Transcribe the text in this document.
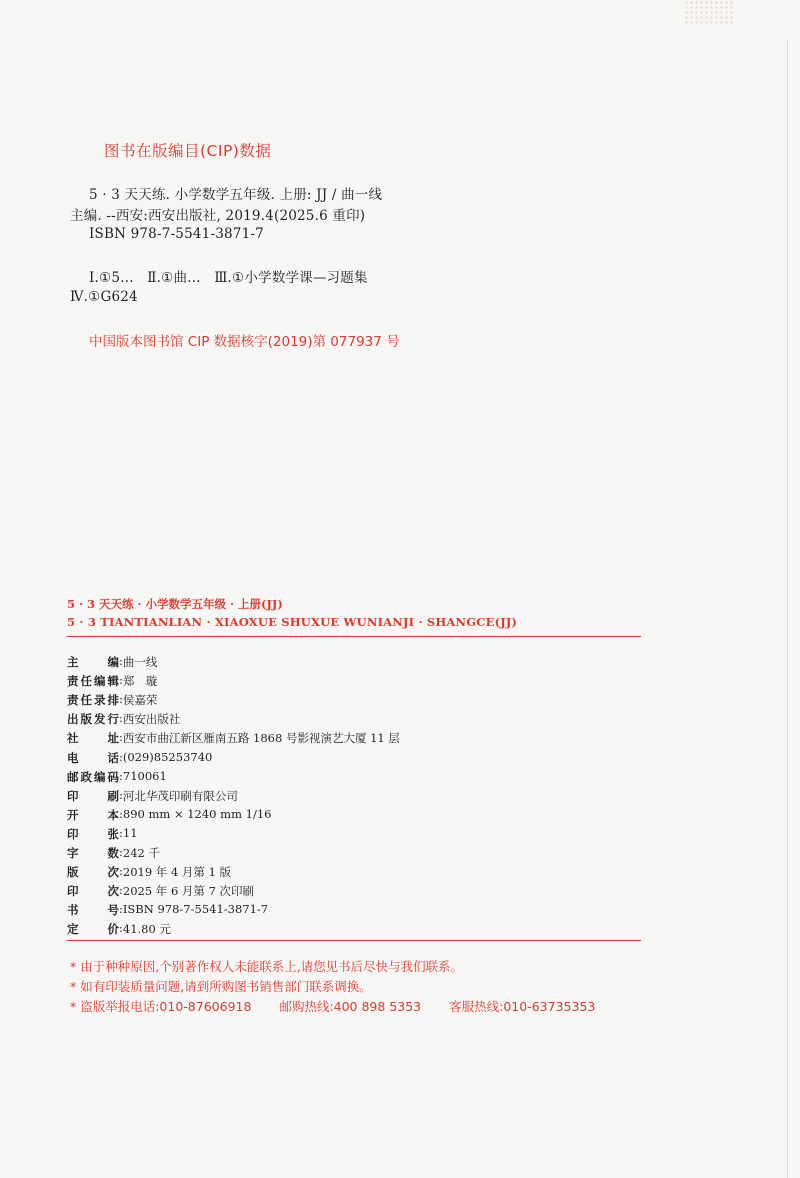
图书在版编目(CIP)数据
5 · 3 天天练. 小学数学五年级. 上册: JJ / 曲一线
主编. --西安:西安出版社, 2019.4(2025.6 重印)
ISBN 978-7-5541-3871-7
Ⅰ.①5…   Ⅱ.①曲…   Ⅲ.①小学数学课—习题集
Ⅳ.①G624
中国版本图书馆 CIP 数据核字(2019)第 077937 号
5 · 3 天天练 · 小学数学五年级 · 上册(JJ)
5 · 3 TIANTIANLIAN · XIAOXUE SHUXUE WUNIANJI · SHANGCE(JJ)
主	编 : 曲一线
责 任 编 辑 : 郑　璇
责 任 录 排 : 侯嘉荣
出 版 发 行 : 西安出版社
社	址 : 西安市曲江新区雁南五路 1868 号影视演艺大厦 11 层
电	话 : (029)85253740
邮 政 编 码 : 710061
印	刷 : 河北华茂印刷有限公司
开	本 : 890 mm × 1240 mm 1/16
印	张 : 11
字	数 : 242 千
版	次 : 2019 年 4 月第 1 版
印	次 : 2025 年 6 月第 7 次印刷
书	号 : ISBN 978-7-5541-3871-7
定	价 : 41.80 元
* 由于种种原因,个别著作权人未能联系上,请您见书后尽快与我们联系。
* 如有印装质量问题,请到所购图书销售部门联系调换。
* 盗版举报电话:010-87606918 邮购热线:400 898 5353 客服热线:010-63735353
